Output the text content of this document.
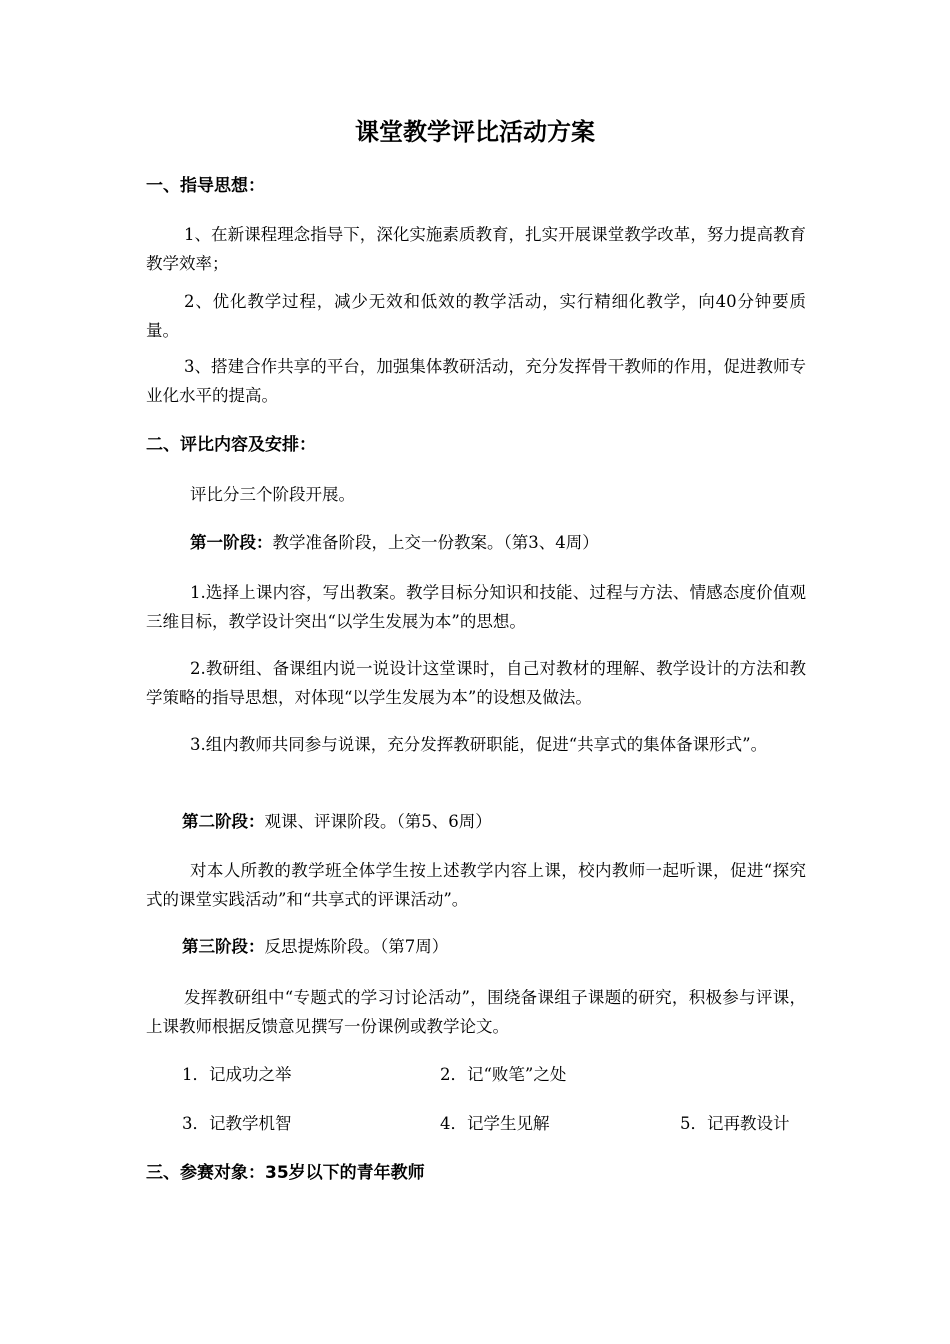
课堂教学评比活动方案
一、指导思想：
1、在新课程理念指导下，深化实施素质教育，扎实开展课堂教学改革，努力提高教育教学效率；
2、优化教学过程，减少无效和低效的教学活动，实行精细化教学，向40分钟要质量。
3、搭建合作共享的平台，加强集体教研活动，充分发挥骨干教师的作用，促进教师专业化水平的提高。
二、评比内容及安排：
评比分三个阶段开展。
第一阶段：教学准备阶段，上交一份教案。（第3、4周）
1.选择上课内容，写出教案。教学目标分知识和技能、过程与方法、情感态度价值观三维目标，教学设计突出“以学生发展为本”的思想。
2.教研组、备课组内说一说设计这堂课时，自己对教材的理解、教学设计的方法和教学策略的指导思想，对体现“以学生发展为本”的设想及做法。
3.组内教师共同参与说课，充分发挥教研职能，促进“共享式的集体备课形式”。
第二阶段：观课、评课阶段。（第5、6周）
对本人所教的教学班全体学生按上述教学内容上课，校内教师一起听课，促进“探究式的课堂实践活动”和“共享式的评课活动”。
第三阶段：反思提炼阶段。（第7周）
发挥教研组中“专题式的学习讨论活动”，围绕备课组子课题的研究，积极参与评课，上课教师根据反馈意见撰写一份课例或教学论文。
1．记成功之举	2．记“败笔”之处
3．记教学机智	4．记学生见解	5．记再教设计
三、参赛对象：35岁以下的青年教师
